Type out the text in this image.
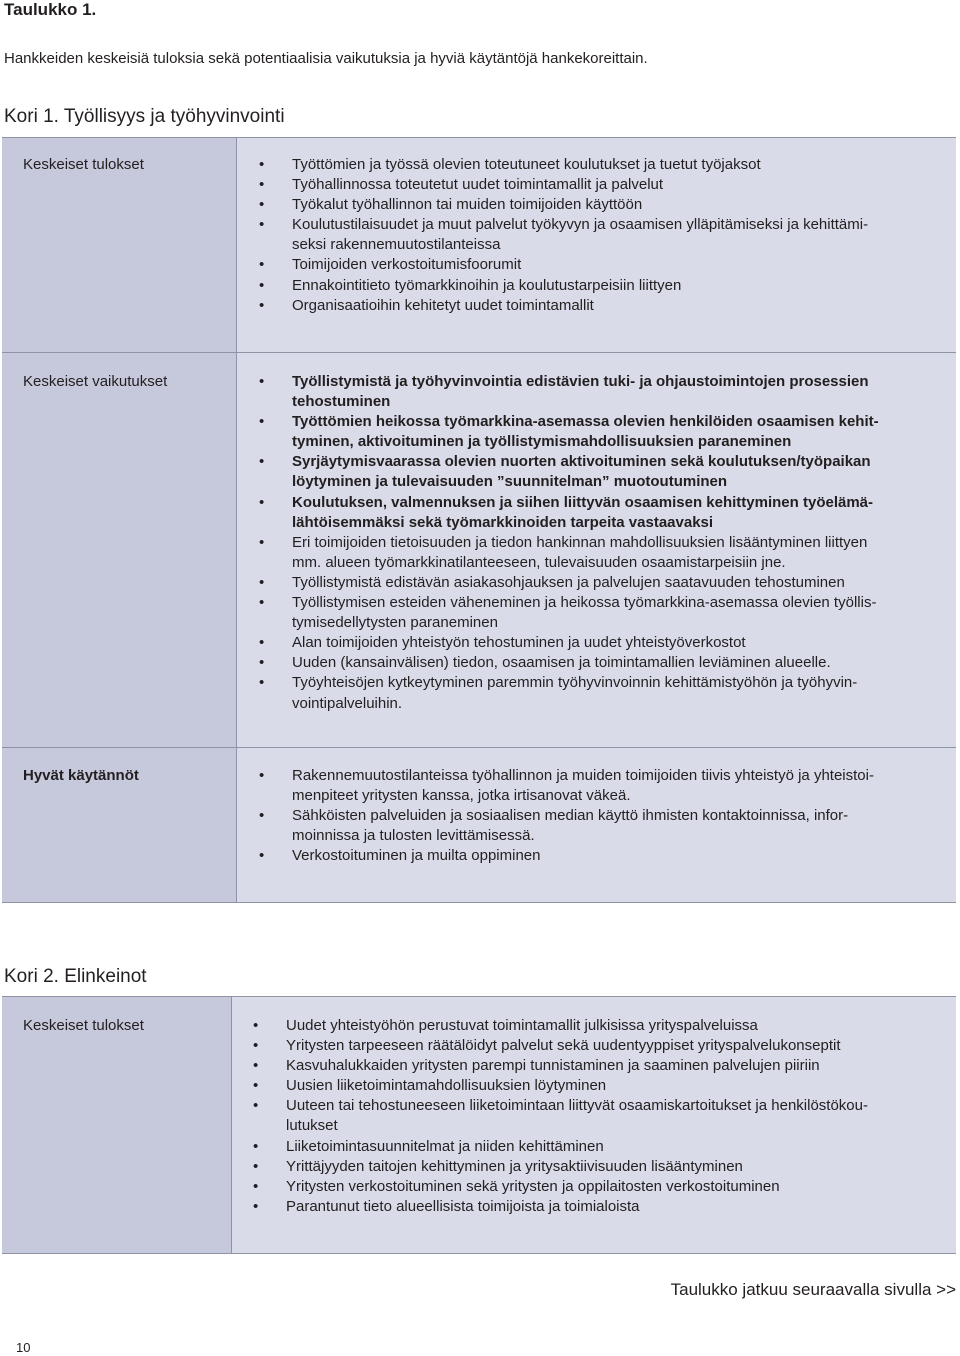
Taulukko 1.
Hankkeiden keskeisiä tuloksia sekä potentiaalisia vaikutuksia ja hyviä käytäntöjä hankekoreittain.
Kori 1. Työllisyys ja työhyvinvointi
Keskeiset tulokset	• Työttömien ja työssä olevien toteutuneet koulutukset ja tuetut työjaksot
• Työhallinnossa toteutetut uudet toimintamallit ja palvelut
• Työkalut työhallinnon tai muiden toimijoiden käyttöön
• Koulutustilaisuudet ja muut palvelut työkyvyn ja osaamisen ylläpitämiseksi ja kehittämi-
seksi rakennemuutostilanteissa
• Toimijoiden verkostoitumisfoorumit
• Ennakointitieto työmarkkinoihin ja koulutustarpeisiin liittyen
• Organisaatioihin kehitetyt uudet toimintamallit
Keskeiset vaikutukset	• Työllistymistä ja työhyvinvointia edistävien tuki- ja ohjaustoimintojen prosessien
tehostuminen
• Työttömien heikossa työmarkkina-asemassa olevien henkilöiden osaamisen kehit-
tyminen, aktivoituminen ja työllistymismahdollisuuksien paraneminen
• Syrjäytymisvaarassa olevien nuorten aktivoituminen sekä koulutuksen/työpaikan
löytyminen ja tulevaisuuden ”suunnitelman” muotoutuminen
• Koulutuksen, valmennuksen ja siihen liittyvän osaamisen kehittyminen työelämä-
lähtöisemmäksi sekä työmarkkinoiden tarpeita vastaavaksi
• Eri toimijoiden tietoisuuden ja tiedon hankinnan mahdollisuuksien lisääntyminen liittyen
mm. alueen työmarkkinatilanteeseen, tulevaisuuden osaamistarpeisiin jne.
• Työllistymistä edistävän asiakasohjauksen ja palvelujen saatavuuden tehostuminen
• Työllistymisen esteiden väheneminen ja heikossa työmarkkina-asemassa olevien työllis-
tymisedellytysten paraneminen
• Alan toimijoiden yhteistyön tehostuminen ja uudet yhteistyöverkostot
• Uuden (kansainvälisen) tiedon, osaamisen ja toimintamallien leviäminen alueelle.
• Työyhteisöjen kytkeytyminen paremmin työhyvinvoinnin kehittämistyöhön ja työhyvin-
vointipalveluihin.
Hyvät käytännöt	• Rakennemuutostilanteissa työhallinnon ja muiden toimijoiden tiivis yhteistyö ja yhteistoi-
menpiteet yritysten kanssa, jotka irtisanovat väkeä.
• Sähköisten palveluiden ja sosiaalisen median käyttö ihmisten kontaktoinnissa, infor-
moinnissa ja tulosten levittämisessä.
• Verkostoituminen ja muilta oppiminen
Kori 2. Elinkeinot
Keskeiset tulokset	• Uudet yhteistyöhön perustuvat toimintamallit julkisissa yrityspalveluissa
• Yritysten tarpeeseen räätälöidyt palvelut sekä uudentyyppiset yrityspalvelukonseptit
• Kasvuhalukkaiden yritysten parempi tunnistaminen ja saaminen palvelujen piiriin
• Uusien liiketoimintamahdollisuuksien löytyminen
• Uuteen tai tehostuneeseen liiketoimintaan liittyvät osaamiskartoitukset ja henkilöstökou-
lutukset
• Liiketoimintasuunnitelmat ja niiden kehittäminen
• Yrittäjyyden taitojen kehittyminen ja yritysaktiivisuuden lisääntyminen
• Yritysten verkostoituminen sekä yritysten ja oppilaitosten verkostoituminen
• Parantunut tieto alueellisista toimijoista ja toimialoista
Taulukko jatkuu seuraavalla sivulla >>
10
